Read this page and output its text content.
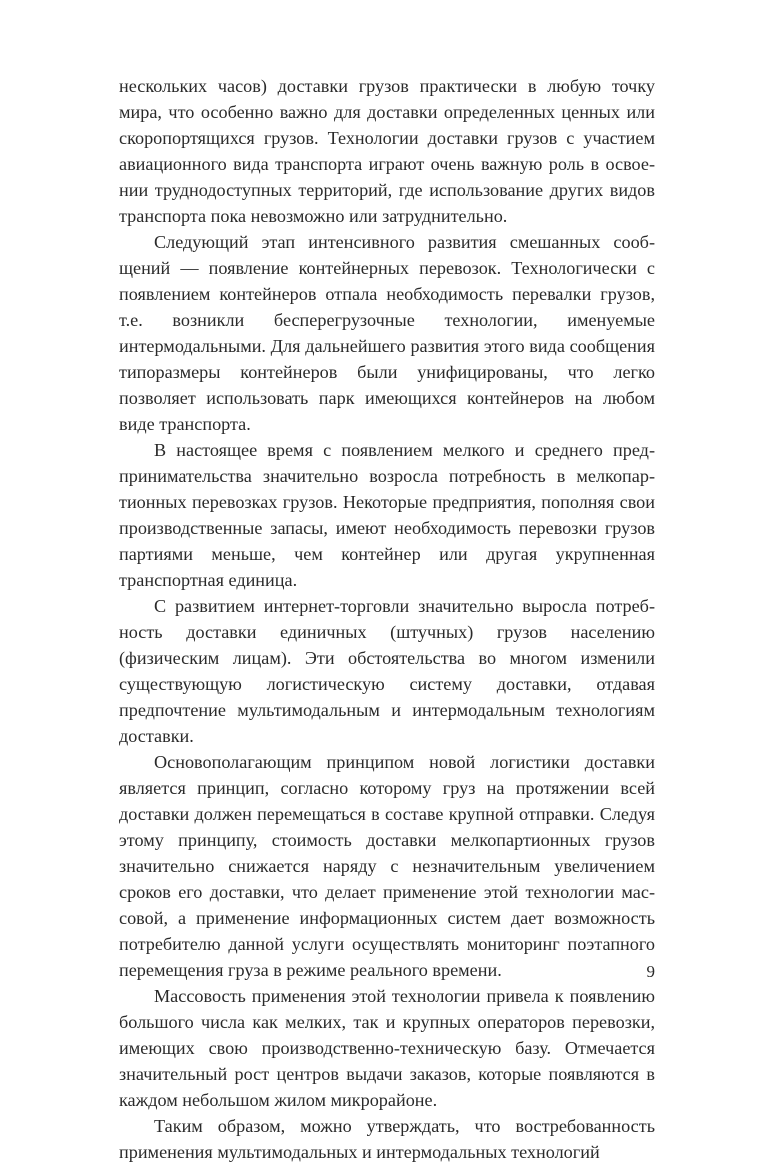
нескольких часов) доставки грузов практически в любую точку мира, что особенно важно для доставки определенных ценных или скоропортящихся грузов. Технологии доставки грузов с участием авиационного вида транспорта играют очень важную роль в освоении труднодоступных территорий, где использование других видов транспорта пока невозможно или затруднительно.

Следующий этап интенсивного развития смешанных сообщений — появление контейнерных перевозок. Технологически с появлением контейнеров отпала необходимость перевалки грузов, т.е. возникли бесперегрузочные технологии, именуемые интермодальными. Для дальнейшего развития этого вида сообщения типоразмеры контейнеров были унифицированы, что легко позволяет использовать парк имеющихся контейнеров на любом виде транспорта.

В настоящее время с появлением мелкого и среднего предпринимательства значительно возросла потребность в мелкопартионных перевозках грузов. Некоторые предприятия, пополняя свои производственные запасы, имеют необходимость перевозки грузов партиями меньше, чем контейнер или другая укрупненная транспортная единица.

С развитием интернет-торговли значительно выросла потребность доставки единичных (штучных) грузов населению (физическим лицам). Эти обстоятельства во многом изменили существующую логистическую систему доставки, отдавая предпочтение мультимодальным и интермодальным технологиям доставки.

Основополагающим принципом новой логистики доставки является принцип, согласно которому груз на протяжении всей доставки должен перемещаться в составе крупной отправки. Следуя этому принципу, стоимость доставки мелкопартионных грузов значительно снижается наряду с незначительным увеличением сроков его доставки, что делает применение этой технологии массовой, а применение информационных систем дает возможность потребителю данной услуги осуществлять мониторинг поэтапного перемещения груза в режиме реального времени.

Массовость применения этой технологии привела к появлению большого числа как мелких, так и крупных операторов перевозки, имеющих свою производственно-техническую базу. Отмечается значительный рост центров выдачи заказов, которые появляются в каждом небольшом жилом микрорайоне.

Таким образом, можно утверждать, что востребованность применения мультимодальных и интермодальных технологий

9
